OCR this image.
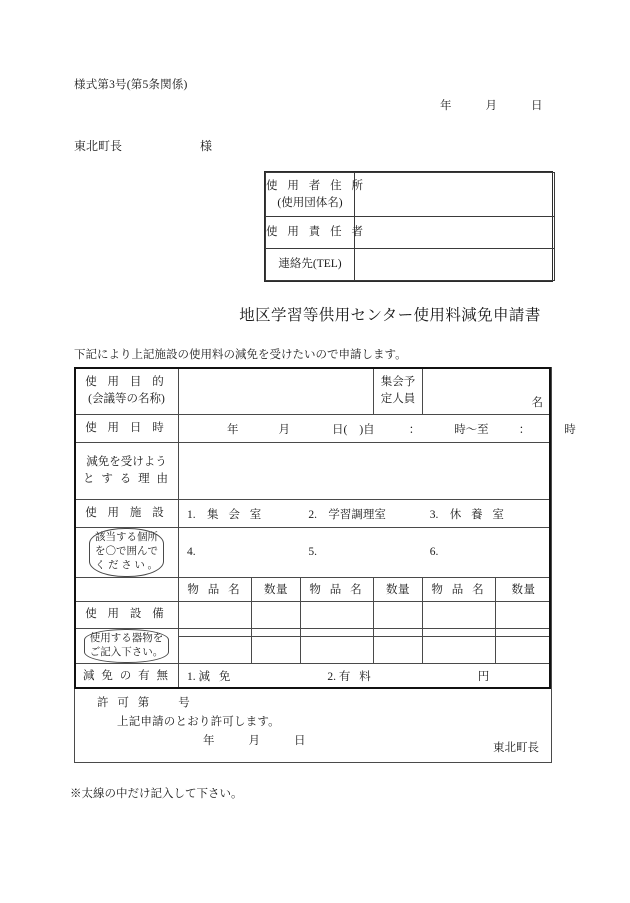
様式第3号(第5条関係)
年	月	日
東北町長	様
使 用 者 住 所
(使用団体名)	

使 用 責 任 者	
連絡先(TEL)	
地区学習等供用センター使用料減免申請書
下記により上記施設の使用料の減免を受けたいので申請します。
使 用 目 的
(会議等の名称)

集会予
定人員	名

使 用 日 時	年 月 日( )自 ： 時〜至 ： 時					

減免を受けよう
と す る 理 由						

使 用 施 設	1. 集 会 室 2. 学習調理室 3. 休 養 室					

該当する個所
を〇で囲んで
く だ さ い 。

4.	5.	6.

	物 品 名	数量	物 品 名	数量	物 品 名	数量
使 用 設 備						

使用する器物を
ご記入下さい。						

減 免 の 有 無	1. 減 免 2. 有 料 円					

許 可 第 号
上記申請のとおり許可します。
年 月 日
東北町長						
※太線の中だけ記入して下さい。
